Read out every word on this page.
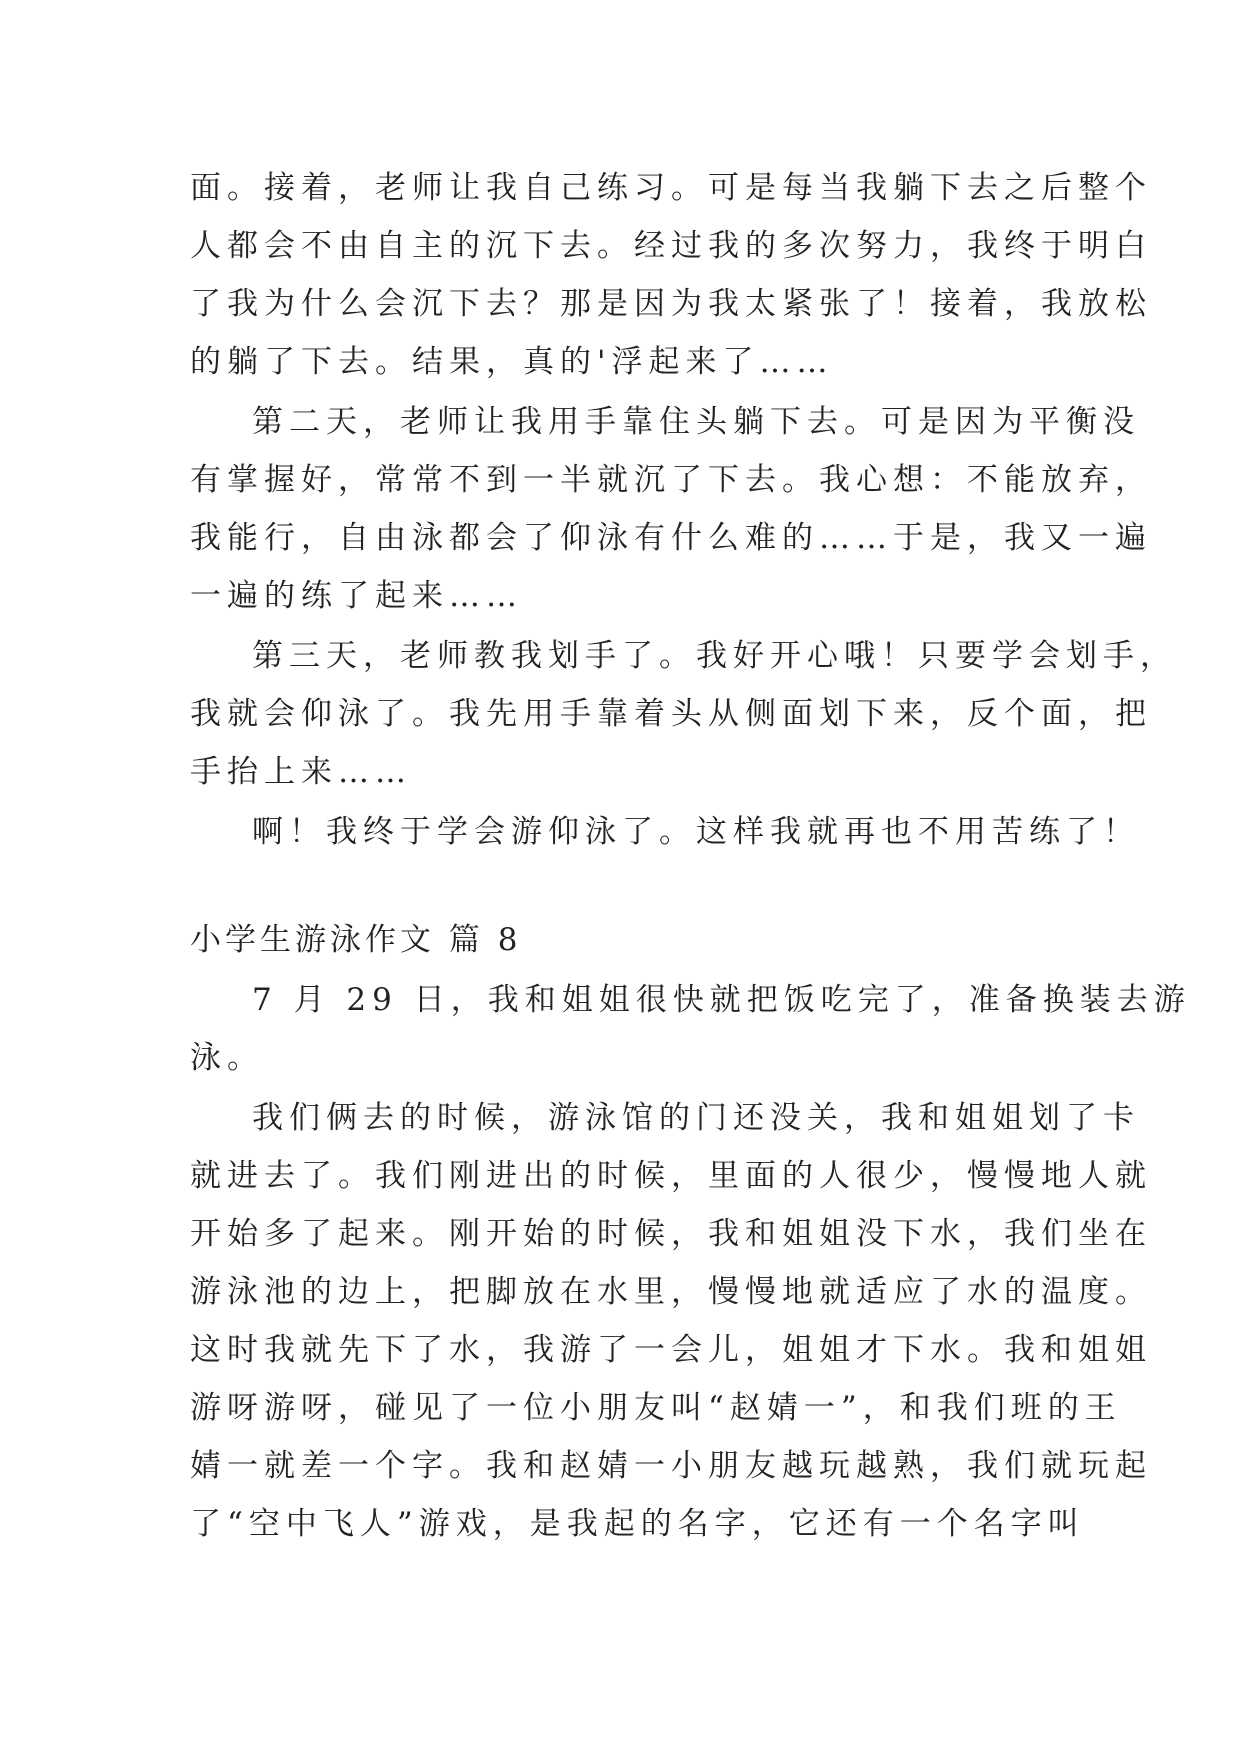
面。接着，老师让我自己练习。可是每当我躺下去之后整个
人都会不由自主的沉下去。经过我的多次努力，我终于明白
了我为什么会沉下去？那是因为我太紧张了！接着，我放松
的躺了下去。结果，真的'浮起来了……
第二天，老师让我用手靠住头躺下去。可是因为平衡没
有掌握好，常常不到一半就沉了下去。我心想：不能放弃，
我能行，自由泳都会了仰泳有什么难的……于是，我又一遍
一遍的练了起来……
第三天，老师教我划手了。我好开心哦！只要学会划手，
我就会仰泳了。我先用手靠着头从侧面划下来，反个面，把
手抬上来……
啊！我终于学会游仰泳了。这样我就再也不用苦练了！
小学生游泳作文 篇 8
7 月 29 日，我和姐姐很快就把饭吃完了，准备换装去游
泳。
我们俩去的时候，游泳馆的门还没关，我和姐姐划了卡
就进去了。我们刚进出的时候，里面的人很少，慢慢地人就
开始多了起来。刚开始的时候，我和姐姐没下水，我们坐在
游泳池的边上，把脚放在水里，慢慢地就适应了水的温度。
这时我就先下了水，我游了一会儿，姐姐才下水。我和姐姐
游呀游呀，碰见了一位小朋友叫“赵婧一”，和我们班的王
婧一就差一个字。我和赵婧一小朋友越玩越熟，我们就玩起
了“空中飞人”游戏，是我起的名字，它还有一个名字叫
